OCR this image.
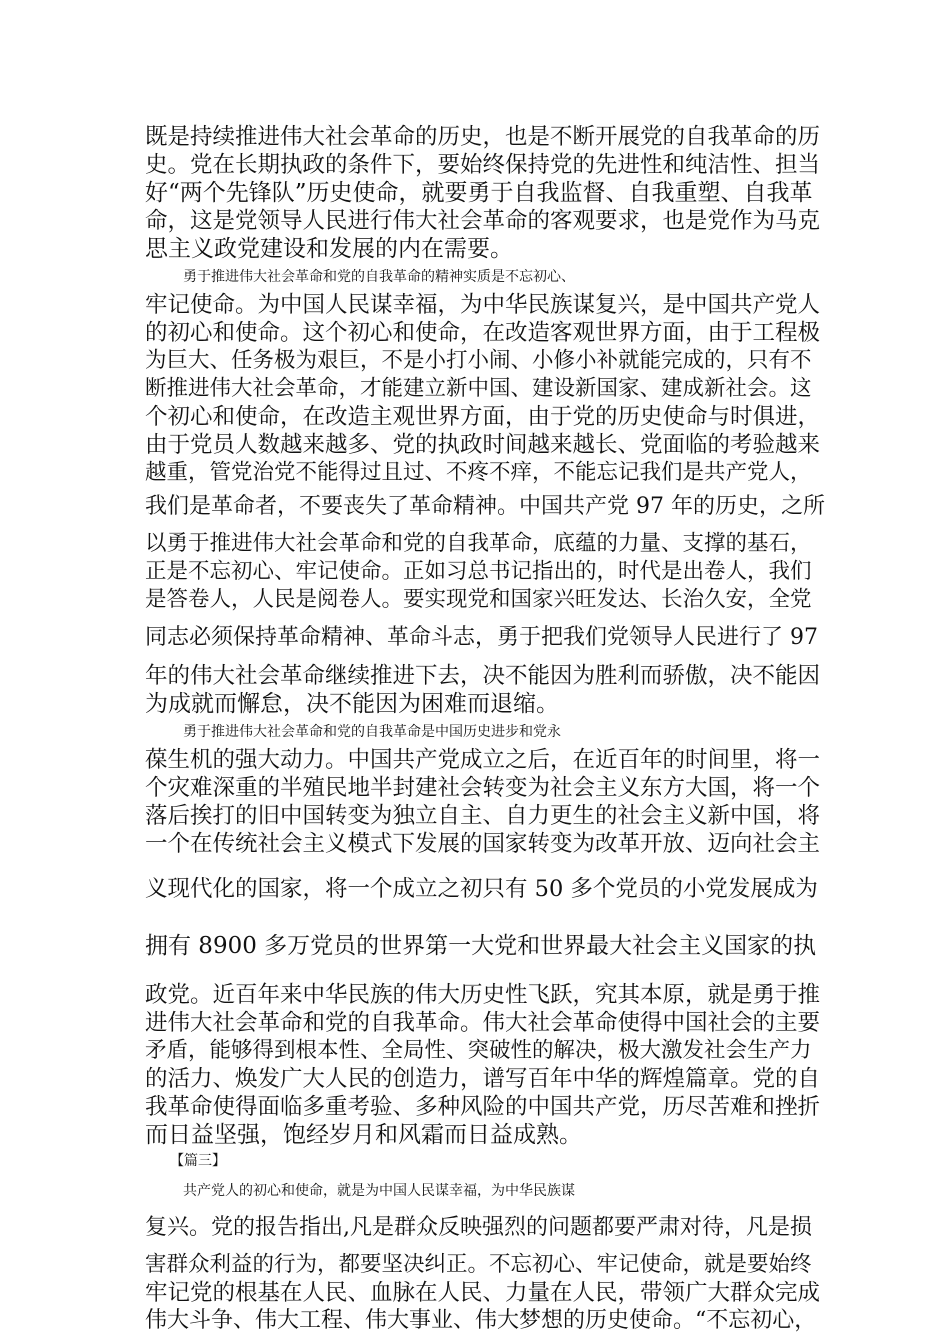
既是持续推进伟大社会革命的历史，也是不断开展党的自我革命的历
史。党在长期执政的条件下，要始终保持党的先进性和纯洁性、担当
好“两个先锋队”历史使命，就要勇于自我监督、自我重塑、自我革
命，这是党领导人民进行伟大社会革命的客观要求，也是党作为马克
思主义政党建设和发展的内在需要。
勇于推进伟大社会革命和党的自我革命的精神实质是不忘初心、
牢记使命。为中国人民谋幸福，为中华民族谋复兴，是中国共产党人
的初心和使命。这个初心和使命，在改造客观世界方面，由于工程极
为巨大、任务极为艰巨，不是小打小闹、小修小补就能完成的，只有不
断推进伟大社会革命，才能建立新中国、建设新国家、建成新社会。这
个初心和使命，在改造主观世界方面，由于党的历史使命与时俱进，
由于党员人数越来越多、党的执政时间越来越长、党面临的考验越来
越重，管党治党不能得过且过、不疼不痒，不能忘记我们是共产党人，
我们是革命者，不要丧失了革命精神。中国共产党 97 年的历史，之所
以勇于推进伟大社会革命和党的自我革命，底蕴的力量、支撑的基石，
正是不忘初心、牢记使命。正如习总书记指出的，时代是出卷人，我们
是答卷人，人民是阅卷人。要实现党和国家兴旺发达、长治久安，全党
同志必须保持革命精神、革命斗志，勇于把我们党领导人民进行了 97
年的伟大社会革命继续推进下去，决不能因为胜利而骄傲，决不能因
为成就而懈怠，决不能因为困难而退缩。
勇于推进伟大社会革命和党的自我革命是中国历史进步和党永
葆生机的强大动力。中国共产党成立之后，在近百年的时间里，将一
个灾难深重的半殖民地半封建社会转变为社会主义东方大国，将一个
落后挨打的旧中国转变为独立自主、自力更生的社会主义新中国，将
一个在传统社会主义模式下发展的国家转变为改革开放、迈向社会主
义现代化的国家，将一个成立之初只有 50 多个党员的小党发展成为
拥有 8900 多万党员的世界第一大党和世界最大社会主义国家的执
政党。近百年来中华民族的伟大历史性飞跃，究其本原，就是勇于推
进伟大社会革命和党的自我革命。伟大社会革命使得中国社会的主要
矛盾，能够得到根本性、全局性、突破性的解决，极大激发社会生产力
的活力、焕发广大人民的创造力，谱写百年中华的辉煌篇章。党的自
我革命使得面临多重考验、多种风险的中国共产党，历尽苦难和挫折
而日益坚强，饱经岁月和风霜而日益成熟。
【篇三】
共产党人的初心和使命，就是为中国人民谋幸福，为中华民族谋
复兴。党的报告指出,凡是群众反映强烈的问题都要严肃对待，凡是损
害群众利益的行为，都要坚决纠正。不忘初心、牢记使命，就是要始终
牢记党的根基在人民、血脉在人民、力量在人民，带领广大群众完成
伟大斗争、伟大工程、伟大事业、伟大梦想的历史使命。“不忘初心，
